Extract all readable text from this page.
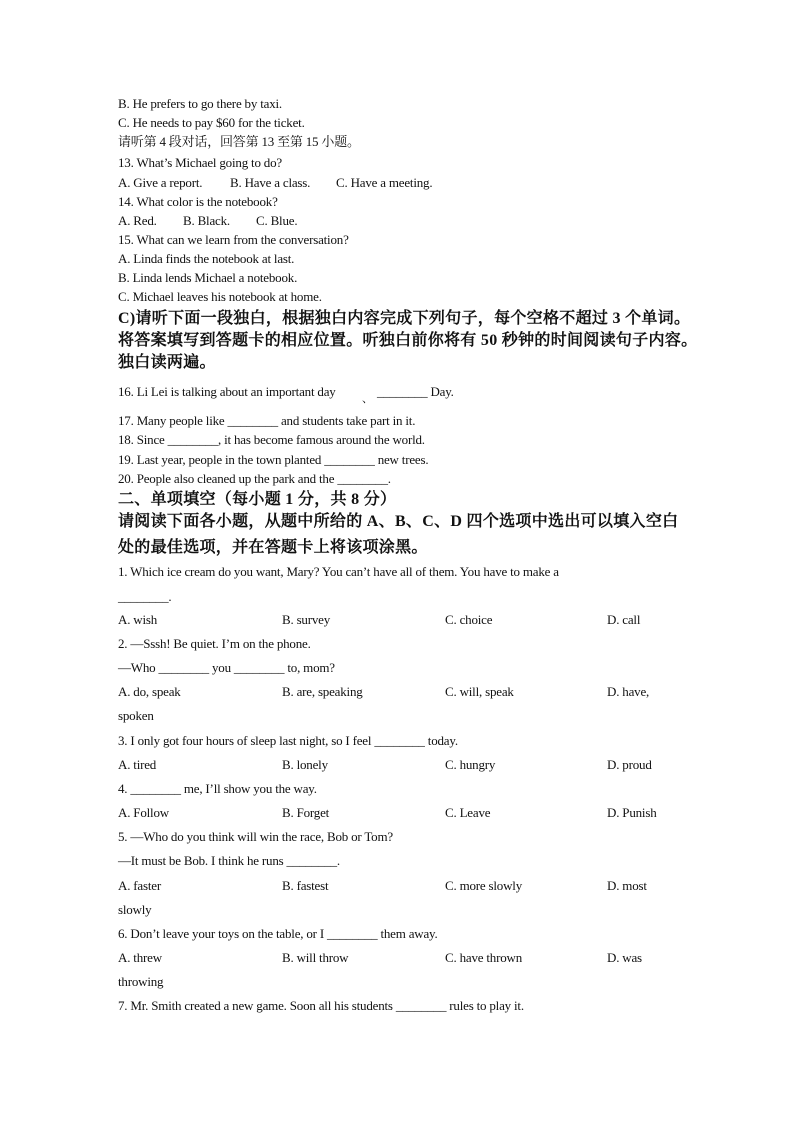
B. He prefers to go there by taxi.
C. He needs to pay $60 for the ticket.
请听第 4 段对话，回答第 13 至第 15 小题。
13. What’s Michael going to do?
A. Give a report. B. Have a class. C. Have a meeting.
14. What color is the notebook?
A. Red. B. Black. C. Blue.
15. What can we learn from the conversation?
A. Linda finds the notebook at last.
B. Linda lends Michael a notebook.
C. Michael leaves his notebook at home.
C)请听下面一段独白，根据独白内容完成下列句子，每个空格不超过 3 个单词。
将答案填写到答题卡的相应位置。听独白前你将有 50 秒钟的时间阅读句子内容。
独白读两遍。
16. Li Lei is talking about an important day 、 ________ Day.
17. Many people like ________ and students take part in it.
18. Since ________, it has become famous around the world.
19. Last year, people in the town planted ________ new trees.
20. People also cleaned up the park and the ________.
二、单项填空（每小题 1 分，共 8 分）
请阅读下面各小题，从题中所给的 A、B、C、D 四个选项中选出可以填入空白
处的最佳选项，并在答题卡上将该项涂黑。
1. Which ice cream do you want, Mary? You can’t have all of them. You have to make a
________.
A. wish	B. survey	C. choice	D. call
2. —Sssh! Be quiet. I’m on the phone.
—Who ________ you ________ to, mom?
A. do, speak	B. are, speaking	C. will, speak	D. have,
spoken
3. I only got four hours of sleep last night, so I feel ________ today.
A. tired	B. lonely	C. hungry	D. proud
4. ________ me, I’ll show you the way.
A. Follow	B. Forget	C. Leave	D. Punish
5. —Who do you think will win the race, Bob or Tom?
—It must be Bob. I think he runs ________.
A. faster	B. fastest	C. more slowly	D. most
slowly
6. Don’t leave your toys on the table, or I ________ them away.
A. threw	B. will throw	C. have thrown	D. was
throwing
7. Mr. Smith created a new game. Soon all his students ________ rules to play it.
